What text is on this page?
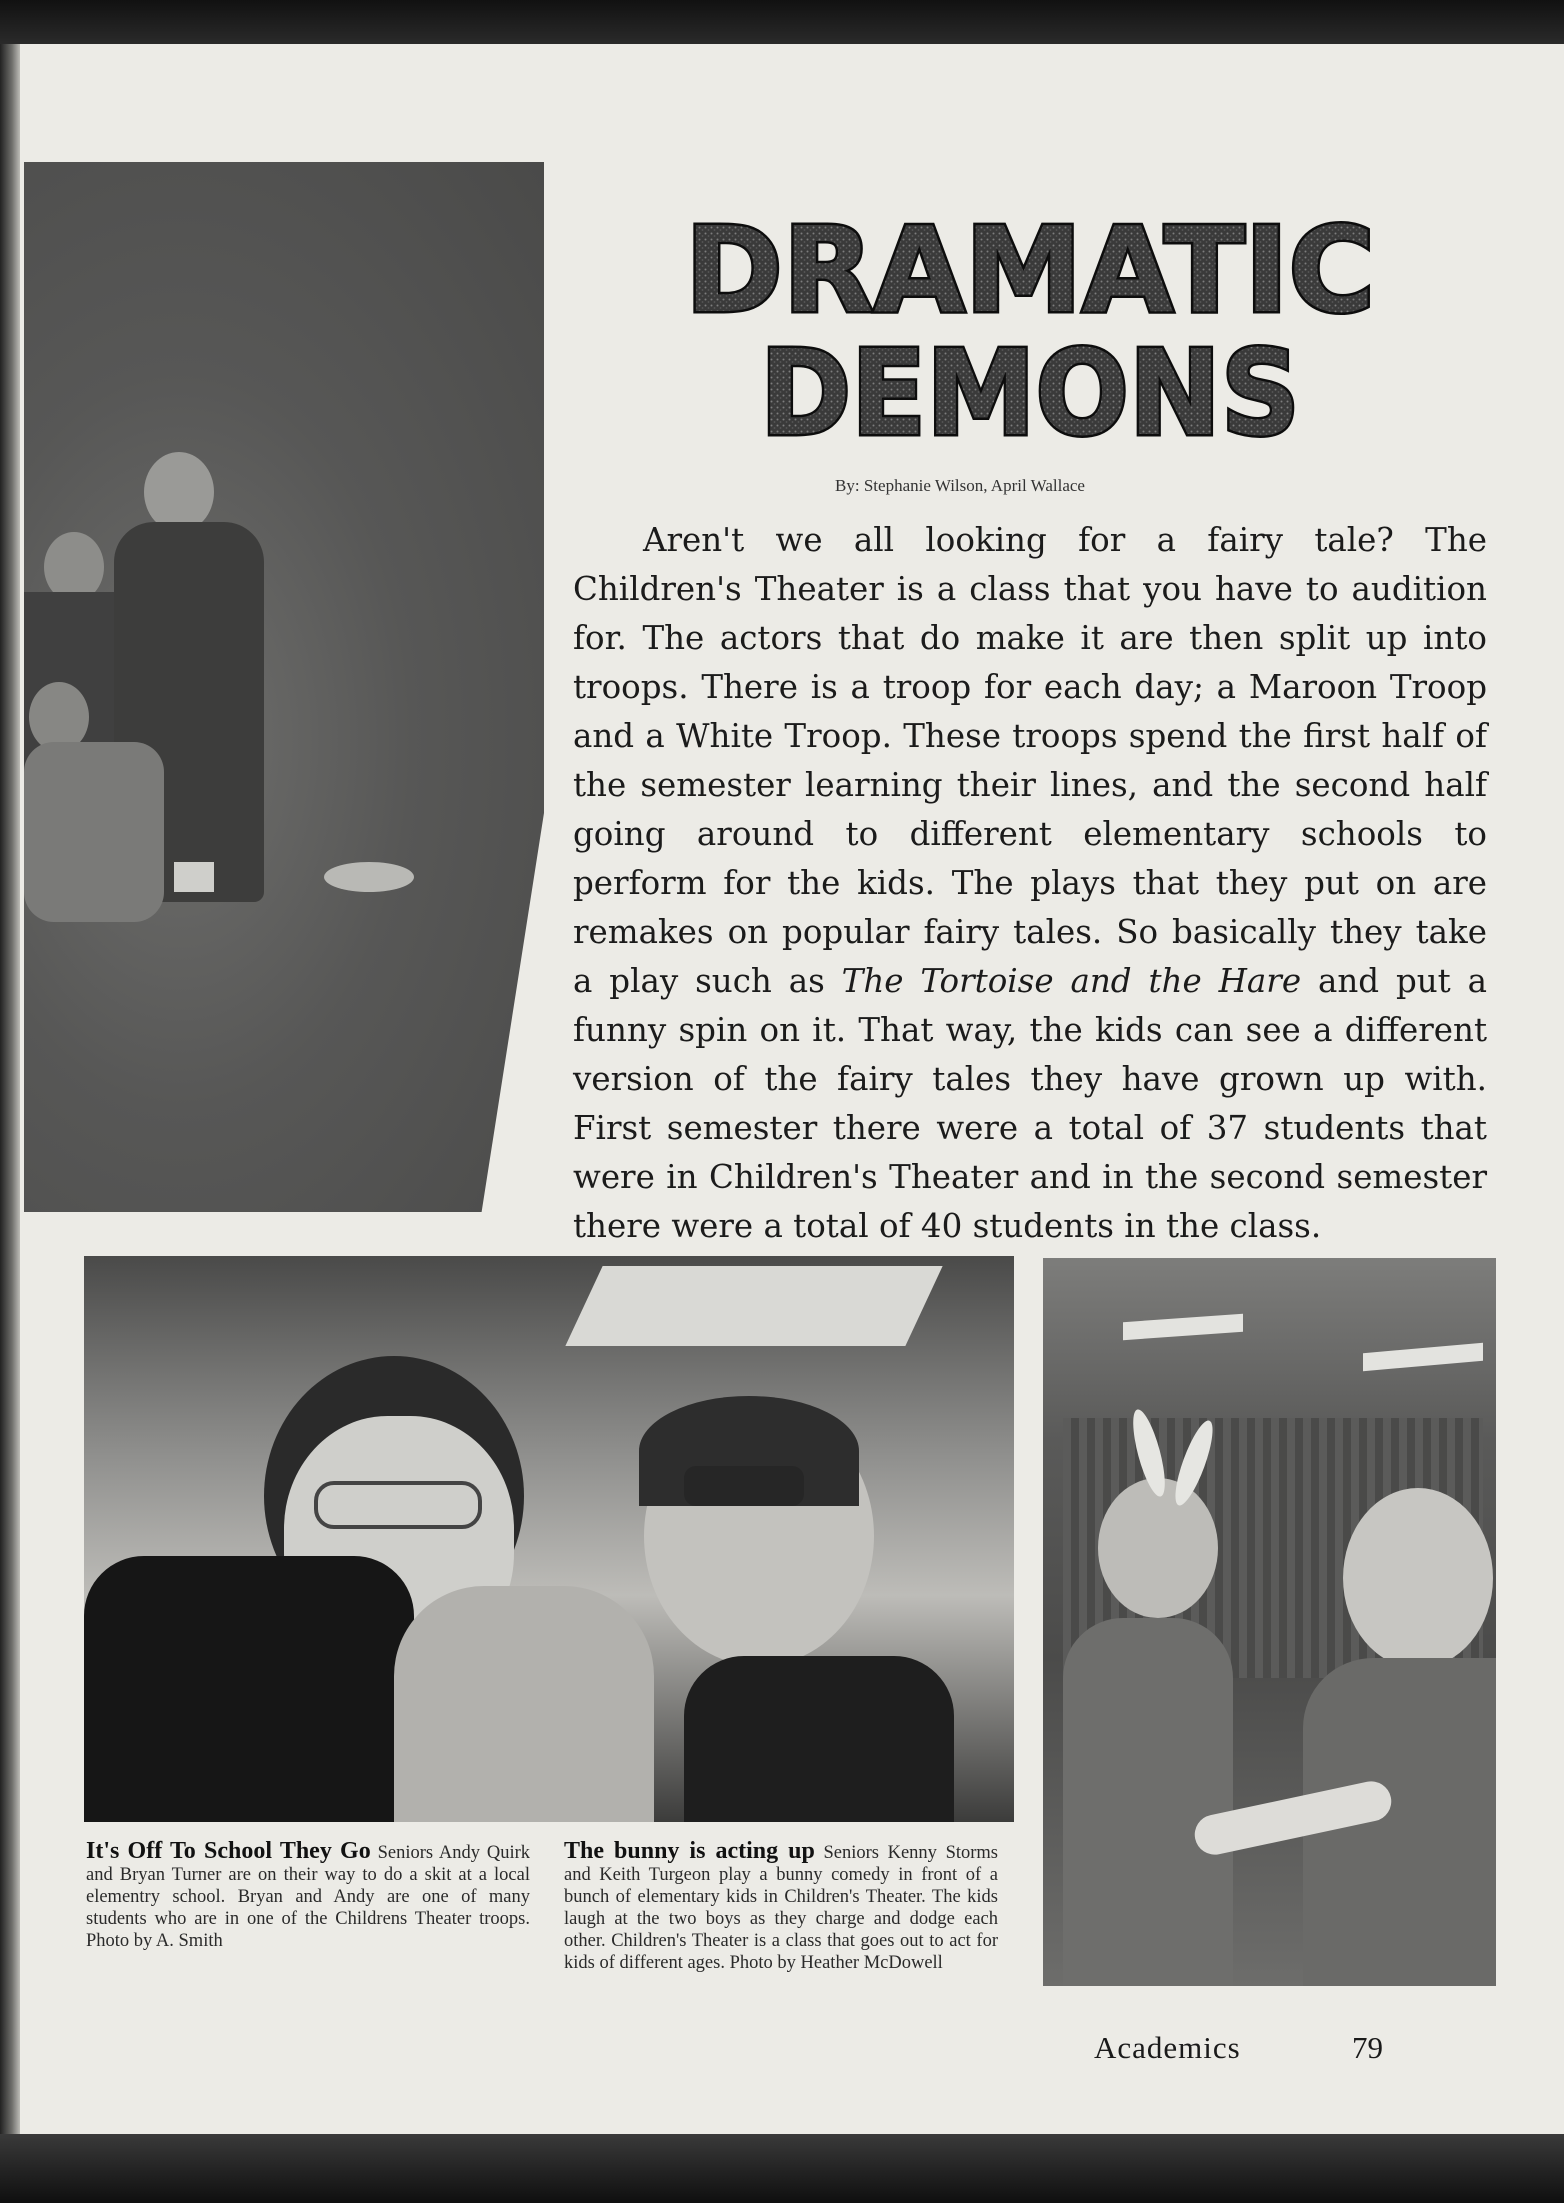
DRAMATIC
DEMONS
By: Stephanie Wilson, April Wallace
Aren't we all looking for a fairy tale? The Children's Theater is a class that you have to audition for. The actors that do make it are then split up into troops. There is a troop for each day; a Maroon Troop and a White Troop. These troops spend the first half of the semester learning their lines, and the second half going around to different elementary schools to perform for the kids. The plays that they put on are remakes on popular fairy tales. So basically they take a play such as The Tortoise and the Hare and put a funny spin on it. That way, the kids can see a different version of the fairy tales they have grown up with. First semester there were a total of 37 students that were in Children's Theater and in the second semester there were a total of 40 students in the class.
It's Off To School They Go Seniors Andy Quirk and Bryan Turner are on their way to do a skit at a local elementry school. Bryan and Andy are one of many students who are in one of the Childrens Theater troops. Photo by A. Smith
The bunny is acting up Seniors Kenny Storms and Keith Turgeon play a bunny comedy in front of a bunch of elementary kids in Children's Theater. The kids laugh at the two boys as they charge and dodge each other. Children's Theater is a class that goes out to act for kids of different ages. Photo by Heather McDowell
Academics	79
